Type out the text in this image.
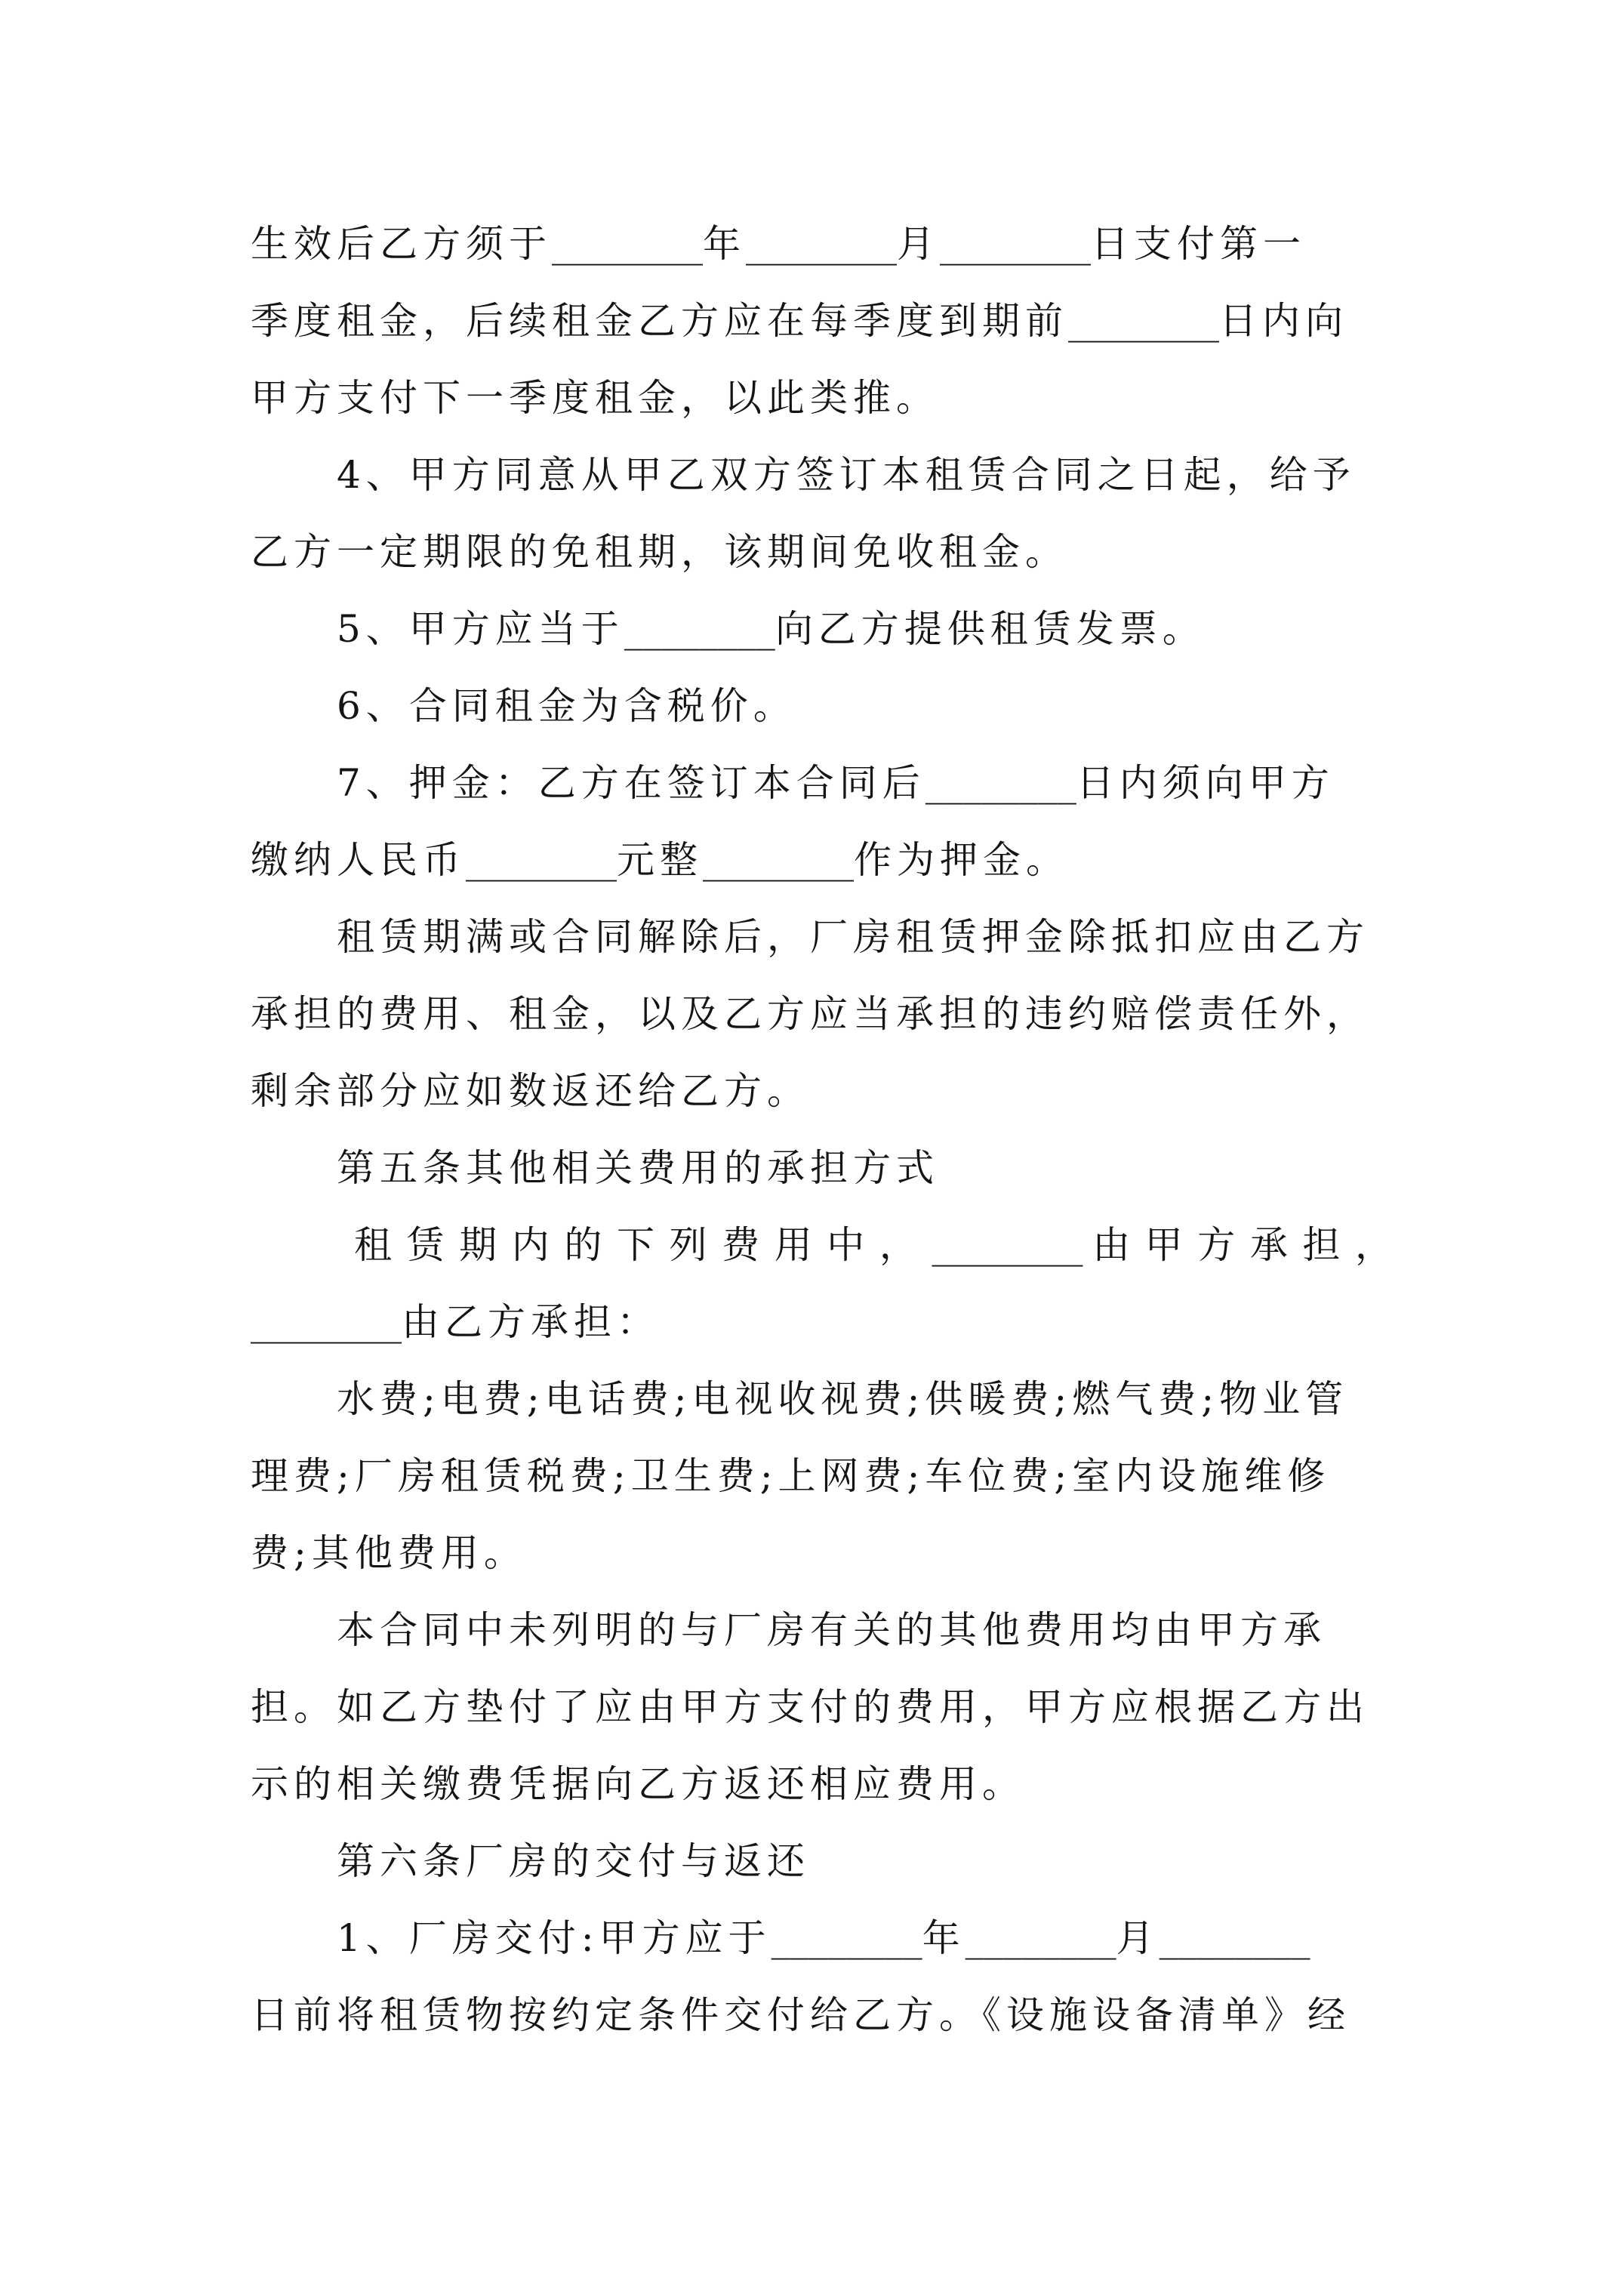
生效后乙方须于________年________月________日支付第一
季度租金，后续租金乙方应在每季度到期前________日内向
甲方支付下一季度租金，以此类推。
4、甲方同意从甲乙双方签订本租赁合同之日起，给予
乙方一定期限的免租期，该期间免收租金。
5、甲方应当于________向乙方提供租赁发票。
6、合同租金为含税价。
7、押金：乙方在签订本合同后________日内须向甲方
缴纳人民币________元整________作为押金。
租赁期满或合同解除后，厂房租赁押金除抵扣应由乙方
承担的费用、租金，以及乙方应当承担的违约赔偿责任外，
剩余部分应如数返还给乙方。
第五条其他相关费用的承担方式
租赁期内的下列费用中，________由甲方承担，
________由乙方承担：
水费;电费;电话费;电视收视费;供暖费;燃气费;物业管
理费;厂房租赁税费;卫生费;上网费;车位费;室内设施维修
费;其他费用。
本合同中未列明的与厂房有关的其他费用均由甲方承
担。如乙方垫付了应由甲方支付的费用，甲方应根据乙方出
示的相关缴费凭据向乙方返还相应费用。
第六条厂房的交付与返还
1、厂房交付:甲方应于________年________月________
日前将租赁物按约定条件交付给乙方。《设施设备清单》经
